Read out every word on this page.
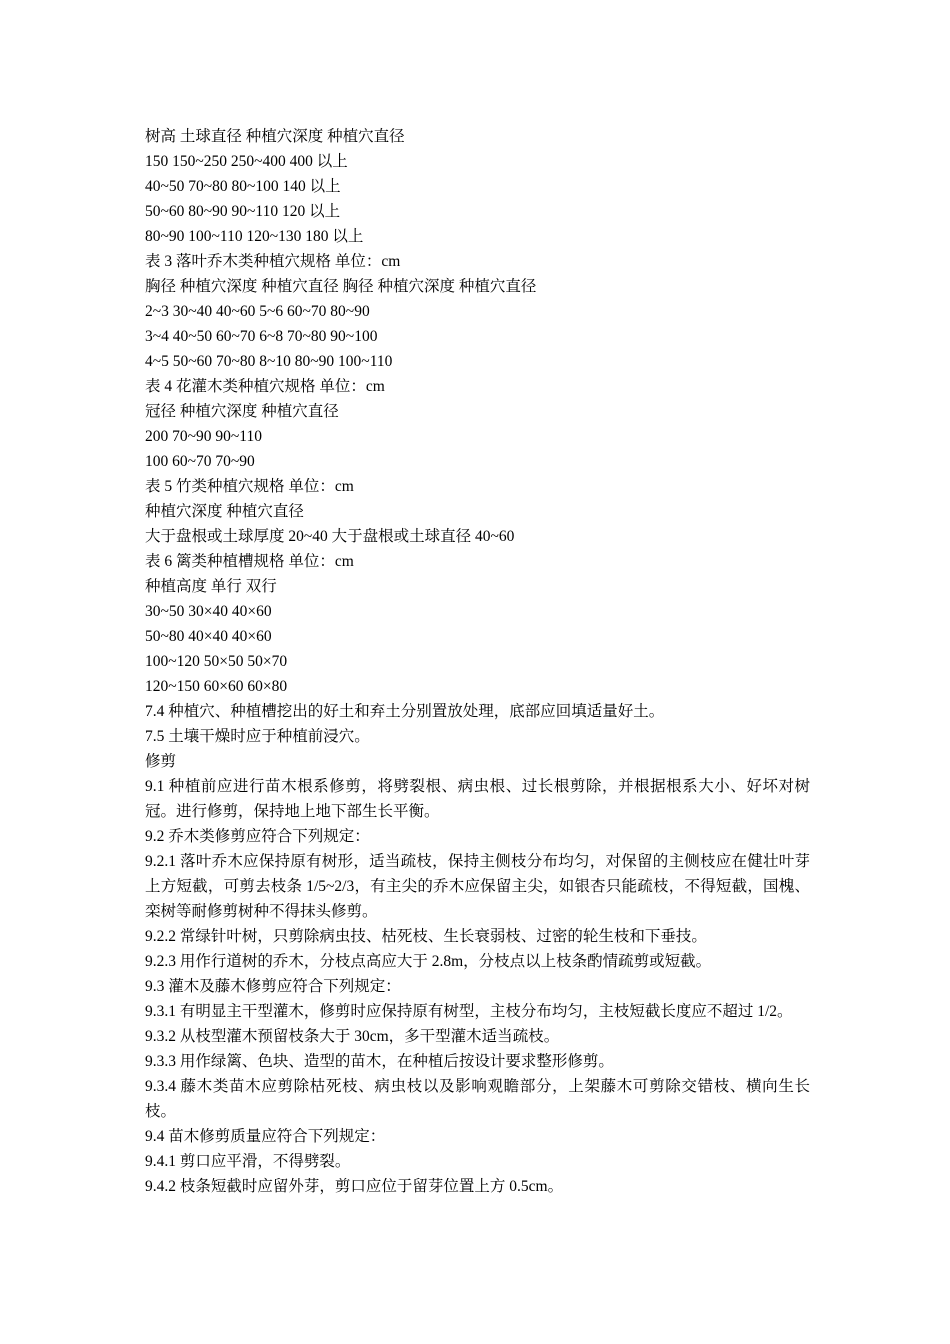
树高 土球直径 种植穴深度 种植穴直径
150 150~250 250~400 400 以上
40~50 70~80 80~100 140 以上
50~60 80~90 90~110 120 以上
80~90 100~110 120~130 180 以上
表 3 落叶乔木类种植穴规格 单位：cm
胸径 种植穴深度 种植穴直径 胸径 种植穴深度 种植穴直径
2~3 30~40 40~60 5~6 60~70 80~90
3~4 40~50 60~70 6~8 70~80 90~100
4~5 50~60 70~80 8~10 80~90 100~110
表 4 花灌木类种植穴规格 单位：cm
冠径 种植穴深度 种植穴直径
200 70~90 90~110
100 60~70 70~90
表 5 竹类种植穴规格 单位：cm
种植穴深度 种植穴直径
大于盘根或土球厚度 20~40 大于盘根或土球直径 40~60
表 6 篱类种植槽规格 单位：cm
种植高度 单行 双行
30~50 30×40 40×60
50~80 40×40 40×60
100~120 50×50 50×70
120~150 60×60 60×80
7.4 种植穴、种植槽挖出的好土和弃土分别置放处理，底部应回填适量好土。
7.5 土壤干燥时应于种植前浸穴。
修剪
9.1 种植前应进行苗木根系修剪，将劈裂根、病虫根、过长根剪除，并根据根系大小、好坏对树冠。进行修剪，保持地上地下部生长平衡。
9.2 乔木类修剪应符合下列规定：
9.2.1 落叶乔木应保持原有树形，适当疏枝，保持主侧枝分布均匀，对保留的主侧枝应在健壮叶芽上方短截，可剪去枝条 1/5~2/3，有主尖的乔木应保留主尖，如银杏只能疏枝，不得短截，国槐、栾树等耐修剪树种不得抹头修剪。
9.2.2 常绿针叶树，只剪除病虫技、枯死枝、生长衰弱枝、过密的轮生枝和下垂技。
9.2.3 用作行道树的乔木，分枝点高应大于 2.8m，分枝点以上枝条酌情疏剪或短截。
9.3 灌木及藤木修剪应符合下列规定：
9.3.1 有明显主干型灌木，修剪时应保持原有树型，主枝分布均匀，主枝短截长度应不超过 1/2。
9.3.2 从枝型灌木预留枝条大于 30cm，多干型灌木适当疏枝。
9.3.3 用作绿篱、色块、造型的苗木，在种植后按设计要求整形修剪。
9.3.4 藤木类苗木应剪除枯死枝、病虫枝以及影响观瞻部分，上架藤木可剪除交错枝、横向生长枝。
9.4 苗木修剪质量应符合下列规定：
9.4.1 剪口应平滑，不得劈裂。
9.4.2 枝条短截时应留外芽，剪口应位于留芽位置上方 0.5cm。
